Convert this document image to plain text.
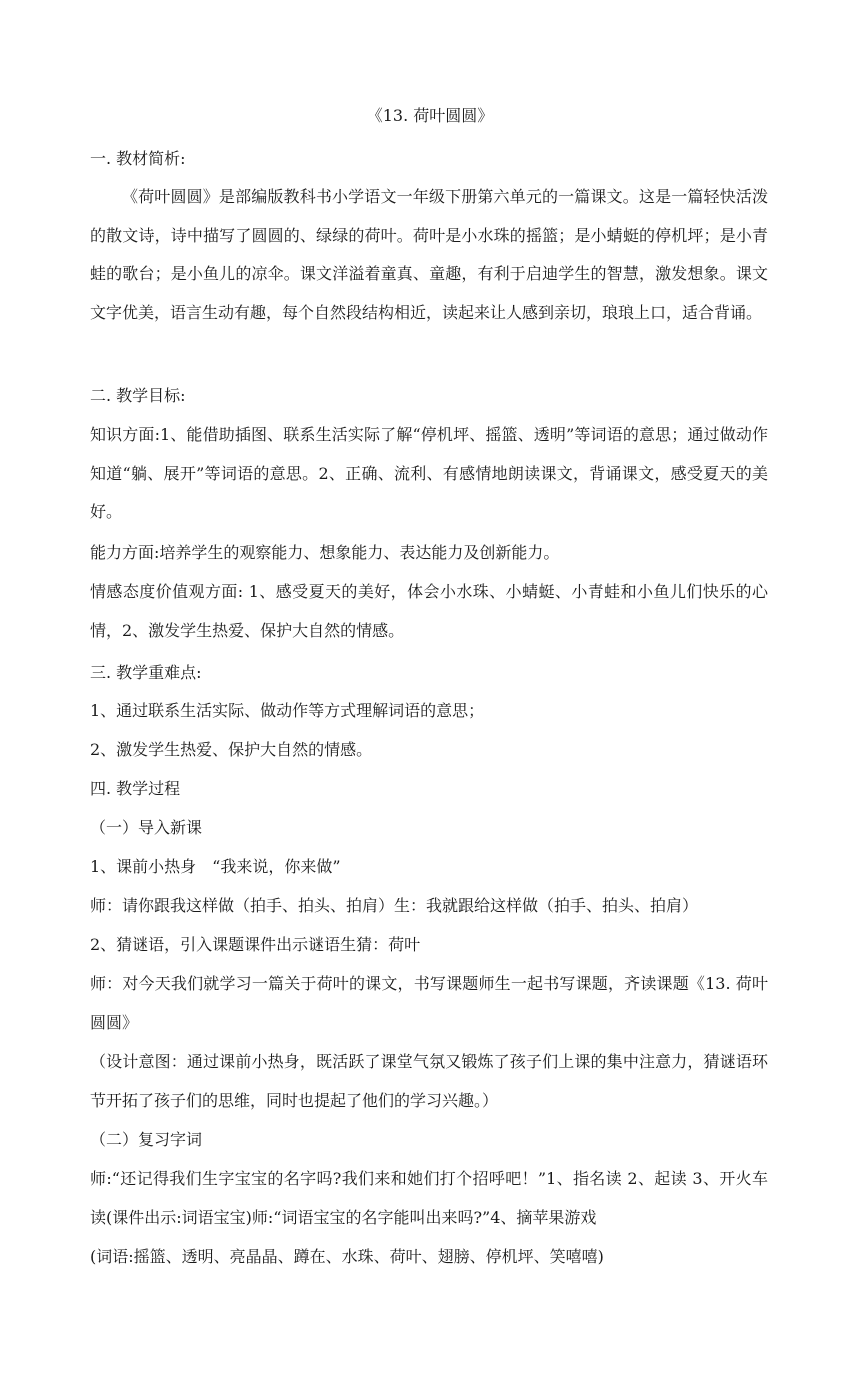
《13. 荷叶圆圆》

一. 教材简析:

《荷叶圆圆》是部编版教科书小学语文一年级下册第六单元的一篇课文。这是一篇轻快活泼的散文诗，诗中描写了圆圆的、绿绿的荷叶。荷叶是小水珠的摇篮；是小蜻蜓的停机坪；是小青蛙的歌台；是小鱼儿的凉伞。课文洋溢着童真、童趣，有利于启迪学生的智慧，激发想象。课文文字优美，语言生动有趣，每个自然段结构相近，读起来让人感到亲切，琅琅上口，适合背诵。

二. 教学目标:

知识方面:1、能借助插图、联系生活实际了解“停机坪、摇篮、透明”等词语的意思；通过做动作知道“躺、展开”等词语的意思。2、正确、流利、有感情地朗读课文，背诵课文，感受夏天的美好。

能力方面:培养学生的观察能力、想象能力、表达能力及创新能力。

情感态度价值观方面: 1、感受夏天的美好，体会小水珠、小蜻蜓、小青蛙和小鱼儿们快乐的心情，2、激发学生热爱、保护大自然的情感。

三. 教学重难点:

1、通过联系生活实际、做动作等方式理解词语的意思；

2、激发学生热爱、保护大自然的情感。

四. 教学过程

（一）导入新课

1、课前小热身　“我来说，你来做”

师：请你跟我这样做（拍手、拍头、拍肩）生：我就跟给这样做（拍手、拍头、拍肩）

2、猜谜语，引入课题课件出示谜语生猜：荷叶

师：对今天我们就学习一篇关于荷叶的课文，书写课题师生一起书写课题，齐读课题《13. 荷叶圆圆》

（设计意图：通过课前小热身，既活跃了课堂气氛又锻炼了孩子们上课的集中注意力，猜谜语环节开拓了孩子们的思维，同时也提起了他们的学习兴趣。）

（二）复习字词

师:“还记得我们生字宝宝的名字吗?我们来和她们打个招呼吧！”1、指名读 2、起读 3、开火车读(课件出示:词语宝宝)师:“词语宝宝的名字能叫出来吗?”4、摘苹果游戏

(词语:摇篮、透明、亮晶晶、蹲在、水珠、荷叶、翅膀、停机坪、笑嘻嘻)
